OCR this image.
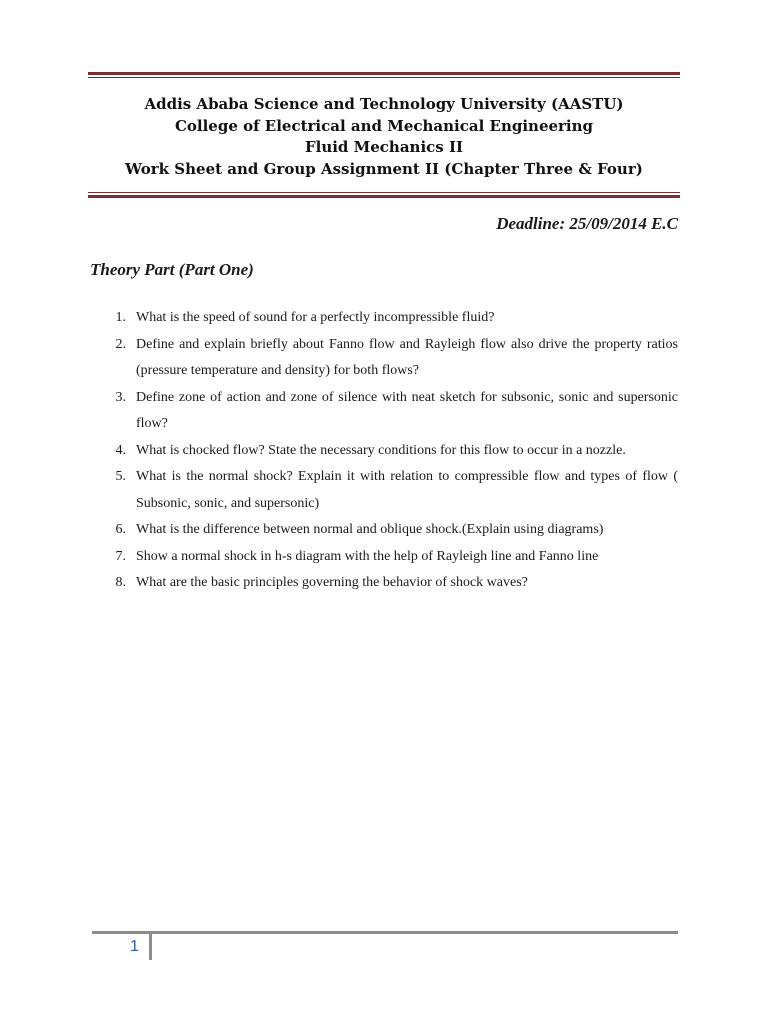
Addis Ababa Science and Technology University (AASTU)
College of Electrical and Mechanical Engineering
Fluid Mechanics II
Work Sheet and Group Assignment II (Chapter Three & Four)
Deadline: 25/09/2014 E.C
Theory Part (Part One)
1. What is the speed of sound for a perfectly incompressible fluid?
2. Define and explain briefly about Fanno flow and Rayleigh flow also drive the property ratios (pressure temperature and density) for both flows?
3. Define zone of action and zone of silence with neat sketch for subsonic, sonic and supersonic flow?
4. What is chocked flow? State the necessary conditions for this flow to occur in a nozzle.
5. What is the normal shock? Explain it with relation to compressible flow and types of flow ( Subsonic, sonic, and supersonic)
6. What is the difference between normal and oblique shock.(Explain using diagrams)
7. Show a normal shock in h-s diagram with the help of Rayleigh line and Fanno line
8. What are the basic principles governing the behavior of shock waves?
1
